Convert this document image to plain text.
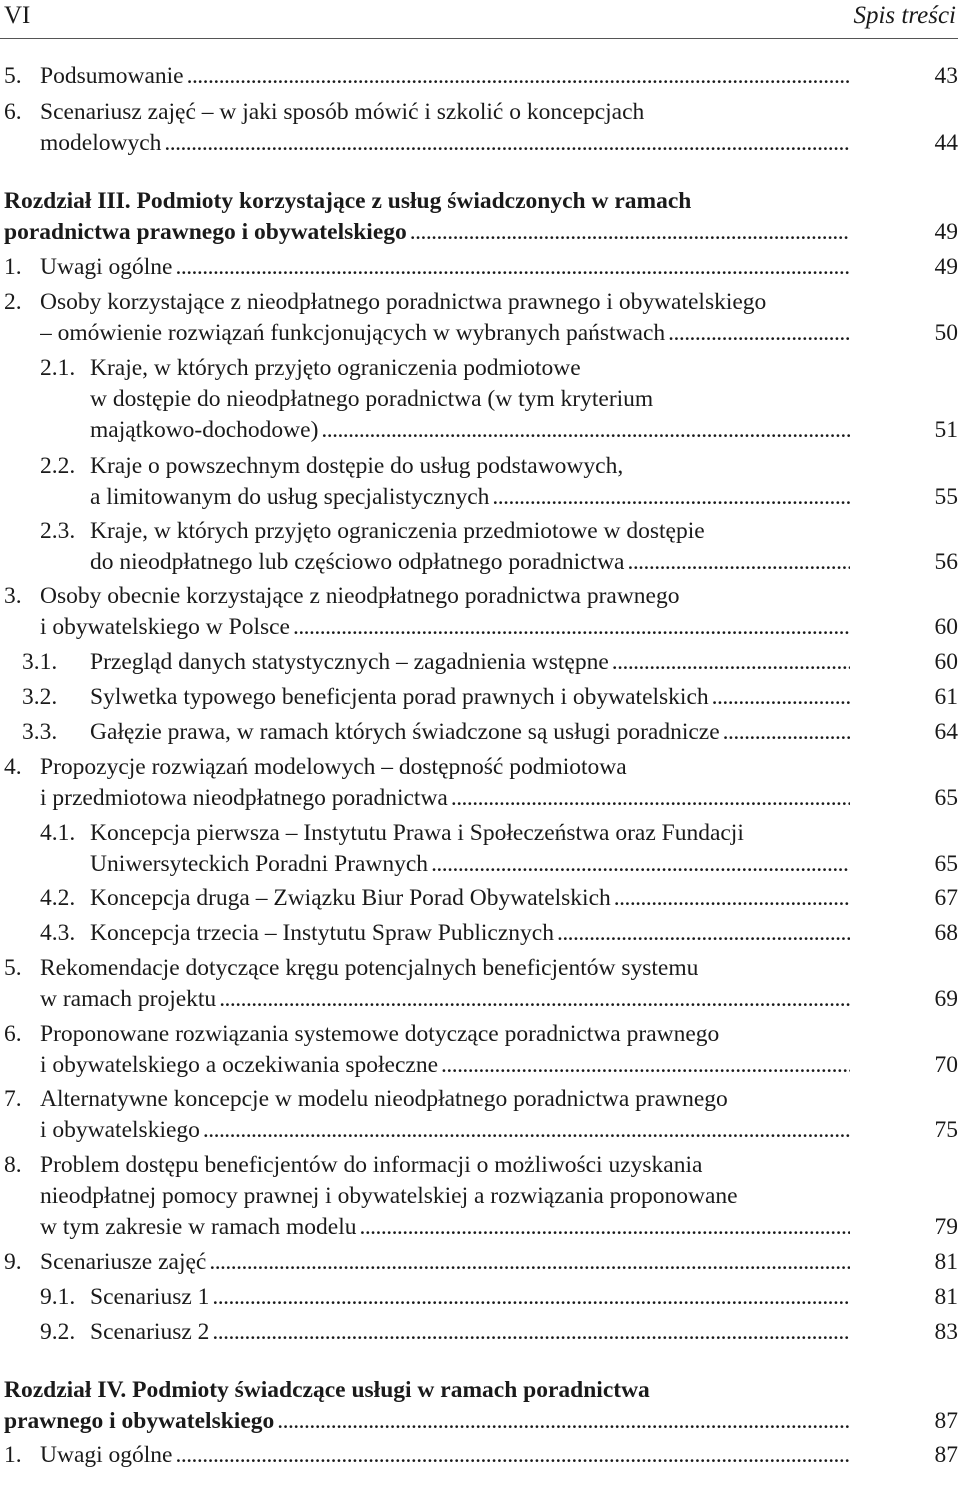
VI	Spis treści
5. Podsumowanie . . .	43
6. Scenariusz zajęć – w jaki sposób mówić i szkolić o koncepcjach
modelowych . . .	44
Rozdział III. Podmioty korzystające z usług świadczonych w ramach
poradnictwa prawnego i obywatelskiego . . .	49
1. Uwagi ogólne . . .	49
2. Osoby korzystające z nieodpłatnego poradnictwa prawnego i obywatelskiego
– omówienie rozwiązań funkcjonujących w wybranych państwach . . .	50
2.1. Kraje, w których przyjęto ograniczenia podmiotowe
w dostępie do nieodpłatnego poradnictwa (w tym kryterium
majątkowo-dochodowe) . . .	51
2.2. Kraje o powszechnym dostępie do usług podstawowych,
a limitowanym do usług specjalistycznych . . .	55
2.3. Kraje, w których przyjęto ograniczenia przedmiotowe w dostępie
do nieodpłatnego lub częściowo odpłatnego poradnictwa . . .	56
3. Osoby obecnie korzystające z nieodpłatnego poradnictwa prawnego
i obywatelskiego w Polsce . . .	60
3.1. Przegląd danych statystycznych – zagadnienia wstępne . . .	60
3.2. Sylwetka typowego beneficjenta porad prawnych i obywatelskich . . .	61
3.3. Gałęzie prawa, w ramach których świadczone są usługi poradnicze . . .	64
4. Propozycje rozwiązań modelowych – dostępność podmiotowa
i przedmiotowa nieodpłatnego poradnictwa . . .	65
4.1. Koncepcja pierwsza – Instytutu Prawa i Społeczeństwa oraz Fundacji
Uniwersyteckich Poradni Prawnych . . .	65
4.2. Koncepcja druga – Związku Biur Porad Obywatelskich . . .	67
4.3. Koncepcja trzecia – Instytutu Spraw Publicznych . . .	68
5. Rekomendacje dotyczące kręgu potencjalnych beneficjentów systemu
w ramach projektu . . .	69
6. Proponowane rozwiązania systemowe dotyczące poradnictwa prawnego
i obywatelskiego a oczekiwania społeczne . . .	70
7. Alternatywne koncepcje w modelu nieodpłatnego poradnictwa prawnego
i obywatelskiego . . .	75
8. Problem dostępu beneficjentów do informacji o możliwości uzyskania
nieodpłatnej pomocy prawnej i obywatelskiej a rozwiązania proponowane
w tym zakresie w ramach modelu . . .	79
9. Scenariusze zajęć . . .	81
9.1. Scenariusz 1 . . .	81
9.2. Scenariusz 2 . . .	83
Rozdział IV. Podmioty świadczące usługi w ramach poradnictwa
prawnego i obywatelskiego . . .	87
1. Uwagi ogólne . . .	87
